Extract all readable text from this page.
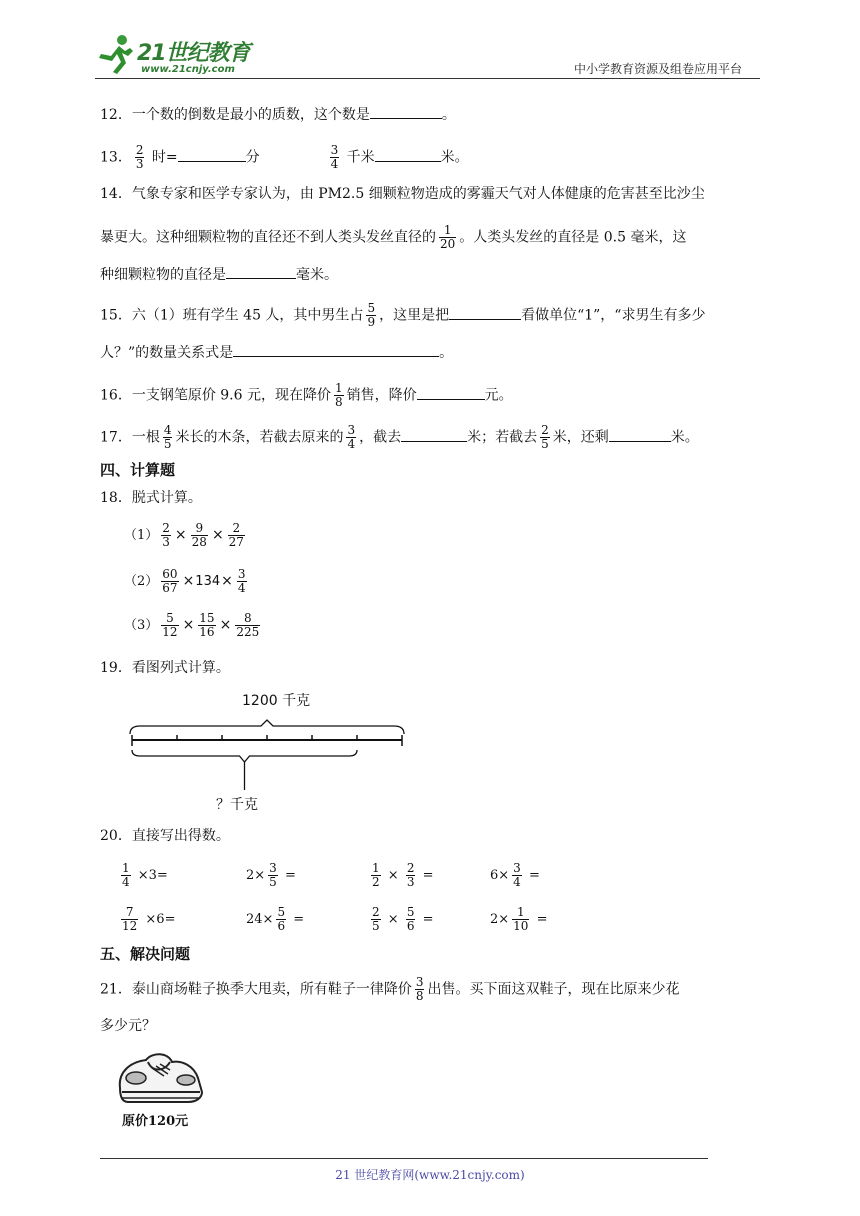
21世纪教育
www.21cnjy.com	中小学教育资源及组卷应用平台
12．一个数的倒数是最小的质数，这个数是	。
13． $\frac{2}{3}$ 时=	分	$\frac{3}{4}$ 千米	米。
14．气象专家和医学专家认为，由 PM2.5 细颗粒物造成的雾霾天气对人体健康的危害甚至比沙尘
暴更大。这种细颗粒物的直径还不到人类头发丝直径的 $\frac{1}{20}$ 。人类头发丝的直径是 0.5 毫米，这
种细颗粒物的直径是	毫米。
15．六（1）班有学生 45 人，其中男生占 $\frac{5}{9}$ ，这里是把	看做单位“1”，“求男生有多少
人？”的数量关系式是	。
16．一支钢笔原价 9.6 元，现在降价 $\frac{1}{8}$ 销售，降价	元。
17．一根 $\frac{4}{5}$ 米长的木条，若截去原来的 $\frac{3}{4}$ ，截去	米；若截去 $\frac{2}{5}$ 米，还剩	米。
四、计算题
18．脱式计算。
$(1) \frac{2}{3} \times \frac{9}{28} \times \frac{2}{27}$
$(2) \frac{60}{67} \times 134\times \frac{3}{4}$
$(3) \frac{5}{12} \times \frac{15}{16} \times \frac{8}{225}$
19．看图列式计算。
1200 千克
？千克
20．直接写出得数。
$\frac{1}{4} \times 3=$	$2\times \frac{3}{5}$ =	$\frac{1}{2} \times \frac{2}{3}$ =	$6\times \frac{3}{4}$ =
$\frac{7}{12} \times 6=$	$24\times \frac{5}{6}$ =	$\frac{2}{5} \times \frac{5}{6}$ =	$2\times \frac{1}{10}$ =
五、解决问题
21．泰山商场鞋子换季大甩卖，所有鞋子一律降价 $\frac{3}{8}$ 出售。买下面这双鞋子，现在比原来少花
多少元？
原价120元
21 世纪教育网(www.21cnjy.com)
